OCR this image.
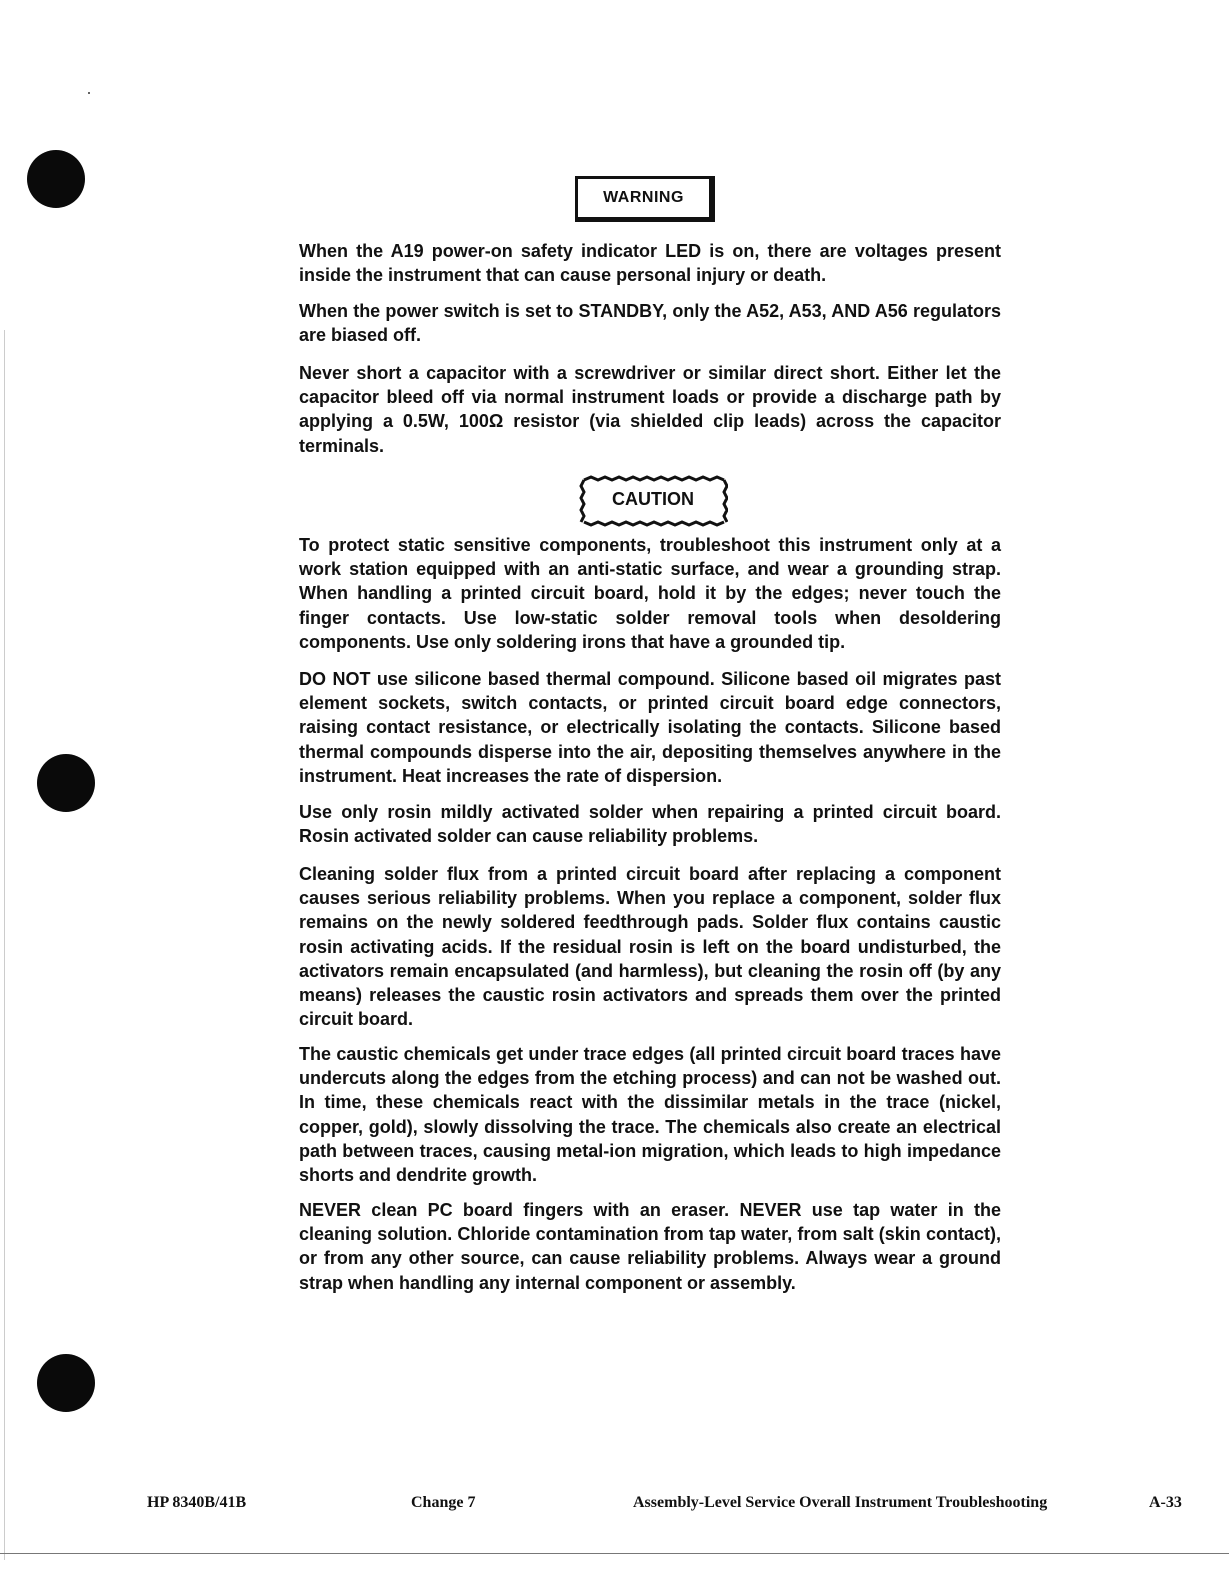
WARNING

When the A19 power-on safety indicator LED is on, there are voltages present inside the instrument that can cause personal injury or death.

When the power switch is set to STANDBY, only the A52, A53, AND A56 regulators are biased off.

Never short a capacitor with a screwdriver or similar direct short. Either let the capacitor bleed off via normal instrument loads or provide a discharge path by applying a 0.5W, 100Ω resistor (via shielded clip leads) across the capacitor terminals.

CAUTION

To protect static sensitive components, troubleshoot this instrument only at a work station equipped with an anti-static surface, and wear a grounding strap. When handling a printed circuit board, hold it by the edges; never touch the finger contacts. Use low-static solder removal tools when desoldering components. Use only soldering irons that have a grounded tip.

DO NOT use silicone based thermal compound. Silicone based oil migrates past element sockets, switch contacts, or printed circuit board edge connectors, raising contact resistance, or electrically isolating the contacts. Silicone based thermal compounds disperse into the air, depositing themselves anywhere in the instrument. Heat increases the rate of dispersion.

Use only rosin mildly activated solder when repairing a printed circuit board. Rosin activated solder can cause reliability problems.

Cleaning solder flux from a printed circuit board after replacing a component causes serious reliability problems. When you replace a component, solder flux remains on the newly soldered feedthrough pads. Solder flux contains caustic rosin activating acids. If the residual rosin is left on the board undisturbed, the activators remain encapsulated (and harmless), but cleaning the rosin off (by any means) releases the caustic rosin activators and spreads them over the printed circuit board.

The caustic chemicals get under trace edges (all printed circuit board traces have undercuts along the edges from the etching process) and can not be washed out. In time, these chemicals react with the dissimilar metals in the trace (nickel, copper, gold), slowly dissolving the trace. The chemicals also create an electrical path between traces, causing metal-ion migration, which leads to high impedance shorts and dendrite growth.

NEVER clean PC board fingers with an eraser. NEVER use tap water in the cleaning solution. Chloride contamination from tap water, from salt (skin contact), or from any other source, can cause reliability problems. Always wear a ground strap when handling any internal component or assembly.

HP 8340B/41B	Change 7	Assembly-Level Service Overall Instrument Troubleshooting	A-33
